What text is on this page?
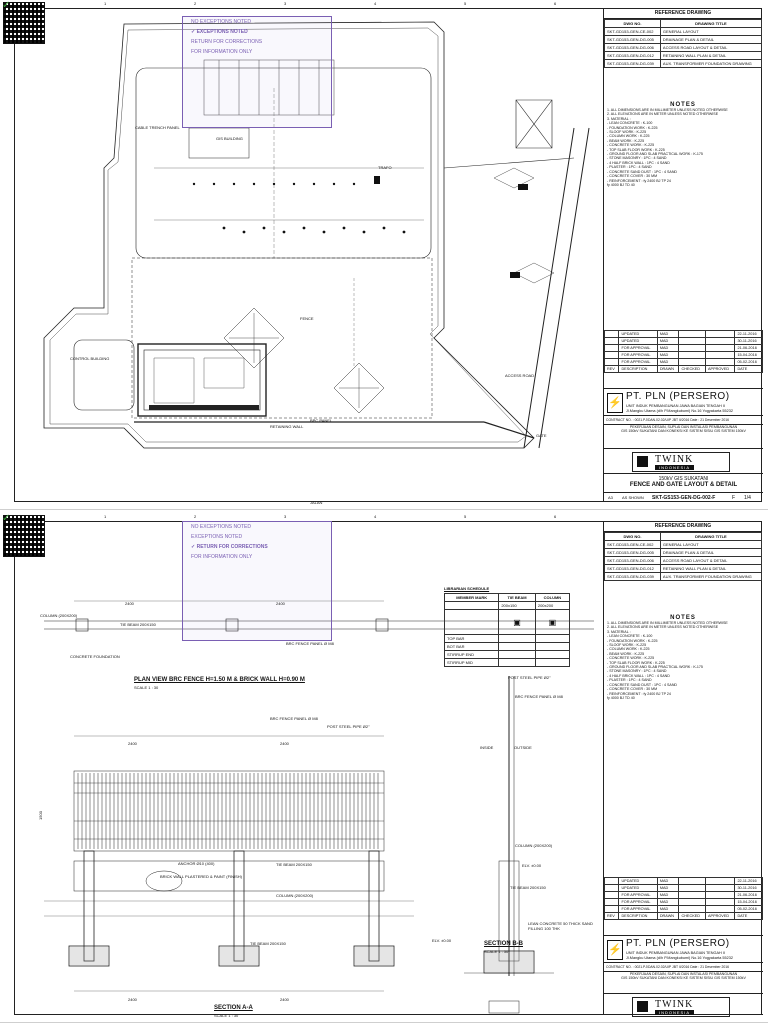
1	2	3	4	5	6
✓
NO EXCEPTIONS NOTED
✓ EXCEPTIONS NOTED
RETURN FOR CORRECTIONS
FOR INFORMATION ONLY
CABLE TRENCH PANEL
CONTROL BUILDING
RETAINING WALL
ACCESS ROAD
JALAN
FENCE
GATE
GIS BUILDING
BPC PANEL
TRAFO
REFERENCE DRAWING
DWG NO.	DRAWING TITLE
SKT-GD153-GEN-CE-002	GENERAL LAYOUT
SKT-GD153-GEN-DG-005	DRAINAGE PLAN & DETAIL
SKT-GD153-GEN-DG-006	ACCESS ROAD LAYOUT & DETAIL
SKT-GD153-GEN-DG-012	RETAINING WALL PLAN & DETAIL
SKT-GD153-GEN-DG-039	AUX. TRANSFORMER FOUNDATION DRAWING
NOTES
1. ALL DIMENSIONS ARE IN MILLIMETER UNLESS NOTED OTHERWISE
2. ALL ELEVATIONS ARE IN METER UNLESS NOTED OTHERWISE
3. MATERIAL :
- LEAN CONCRETE : K-100
- FOUNDATION WORK : K-225
- SLOOF WORK : K-225
- COLUMN WORK : K-225
- BEAM WORK : K-225
- CONCRETE WORK : K-225
- TOP SLAB FLOOR WORK : K-225
- GROUND FLOOR AND SLAB PRACTICAL WORK : K-175
- STONE MASONRY : 1PC : 4 SAND
- 4 HALF BRICK WALL : 1PC : 4 SAND
- PLASTER : 1PC : 4 SAND
- CONCRETE SAND DUST : 1PC : 4 SAND
- CONCRETE COVER : 30 MM
- REINFORCEMENT : fy 2400 BJ TP 24
fy 4000 BJ TD 40
	UPDATED	MAD			22-11-2016
	UPDATED	MAD			30-11-2016
	FOR APPROVAL	MAD			21-06-2016
	FOR APPROVAL	MAD			15-04-2016
	FOR APPROVAL	MAD			05-02-2016
REV	DESCRIPTION	DRAWN	CHECKED	APPROVED	DATE
⚡
PT. PLN (PERSERO)
UNIT INDUK PEMBANGUNAN JAWA BAGIAN TENGAH II
Jl.Mangku Utama (d/h P.Mangkubumi) No.16 Yogyakarta 55232
CONTRACT NO. : 0021.PJ/DAN.02.02/UIP JBT II/2016 Date : 21 Desember 2016
PEKERJAAN DESAIN, SUPLAI DAN INSTALASI PEMBANGUNAN
GIS 150kV SUKATANI DAN KONEKSI KE SISTEM SISIU GIS SISTEM 150kV
TWINK
INDONESIA
150kV GIS SUKATANI
FENCE AND GATE LAYOUT & DETAIL
A3 AS SHOWN SKT-GS153-GEN-DG-002-F	F 1/4
1	2	3	4	5	6
✓
NO EXCEPTIONS NOTED
EXCEPTIONS NOTED
✓ RETURN FOR CORRECTIONS
FOR INFORMATION ONLY
2400	2400
COLUMN (200X200)
TIE BEAM 200X150
CONCRETE FOUNDATION
BRC FENCE PANEL Ø M8
PLAN VIEW BRC FENCE H=1.50 M & BRICK WALL H=0.90 M
SCALE 1 : 30
BRC FENCE PANEL Ø M8
POST STEEL PIPE Ø2"
2400	2400
1500
BRICK WALL PLASTERED & PAINT (FINISH)
ANCHOR Ø10 (400)	TIE BEAM 200X150
COLUMN (200X200)
TIE BEAM 200X150
ELV. ±0.00
2400	2400
SECTION A-A
SCALE 1 : 30
POST STEEL PIPE Ø2"
BRC FENCE PANEL Ø M8
INSIDE	OUTSIDE
COLUMN (200X200)
ELV. ±0.00
TIE BEAM 200X150
LEAN CONCRETE 50 THICK SAND FILLING 100 THK
SECTION B-B
SCALE 1 : 30
LIBRARIAN SCHEDULE
MEMBER MARK	TIE BEAM	COLUMN
	200x150	200x200
	▣	▣
TOP BAR		
BOT BAR		
STIRRUP END		
STIRRUP MID		
REFERENCE DRAWING
DWG NO.	DRAWING TITLE
SKT-GD153-GEN-CE-002	GENERAL LAYOUT
SKT-GD153-GEN-DG-005	DRAINAGE PLAN & DETAIL
SKT-GD153-GEN-DG-006	ACCESS ROAD LAYOUT & DETAIL
SKT-GD153-GEN-DG-012	RETAINING WALL PLAN & DETAIL
SKT-GD153-GEN-DG-039	AUX. TRANSFORMER FOUNDATION DRAWING
NOTES
1. ALL DIMENSIONS ARE IN MILLIMETER UNLESS NOTED OTHERWISE
2. ALL ELEVATIONS ARE IN METER UNLESS NOTED OTHERWISE
3. MATERIAL :
- LEAN CONCRETE : K-100
- FOUNDATION WORK : K-225
- SLOOF WORK : K-225
- COLUMN WORK : K-225
- BEAM WORK : K-225
- CONCRETE WORK : K-225
- TOP SLAB FLOOR WORK : K-225
- GROUND FLOOR AND SLAB PRACTICAL WORK : K-175
- STONE MASONRY : 1PC : 4 SAND
- 4 HALF BRICK WALL : 1PC : 4 SAND
- PLASTER : 1PC : 4 SAND
- CONCRETE SAND DUST : 1PC : 4 SAND
- CONCRETE COVER : 30 MM
- REINFORCEMENT : fy 2400 BJ TP 24
fy 4000 BJ TD 40
	UPDATED	MAD			22-11-2016
	UPDATED	MAD			30-11-2016
	FOR APPROVAL	MAD			21-06-2016
	FOR APPROVAL	MAD			15-04-2016
	FOR APPROVAL	MAD			05-02-2016
REV	DESCRIPTION	DRAWN	CHECKED	APPROVED	DATE
⚡
PT. PLN (PERSERO)
UNIT INDUK PEMBANGUNAN JAWA BAGIAN TENGAH II
Jl.Mangku Utama (d/h P.Mangkubumi) No.16 Yogyakarta 55232
CONTRACT NO. : 0021.PJ/DAN.02.02/UIP JBT II/2016 Date : 21 Desember 2016
PEKERJAAN DESAIN, SUPLAI DAN INSTALASI PEMBANGUNAN
GIS 150kV SUKATANI DAN KONEKSI KE SISTEM SISIU GIS SISTEM 150kV
TWINK
INDONESIA
